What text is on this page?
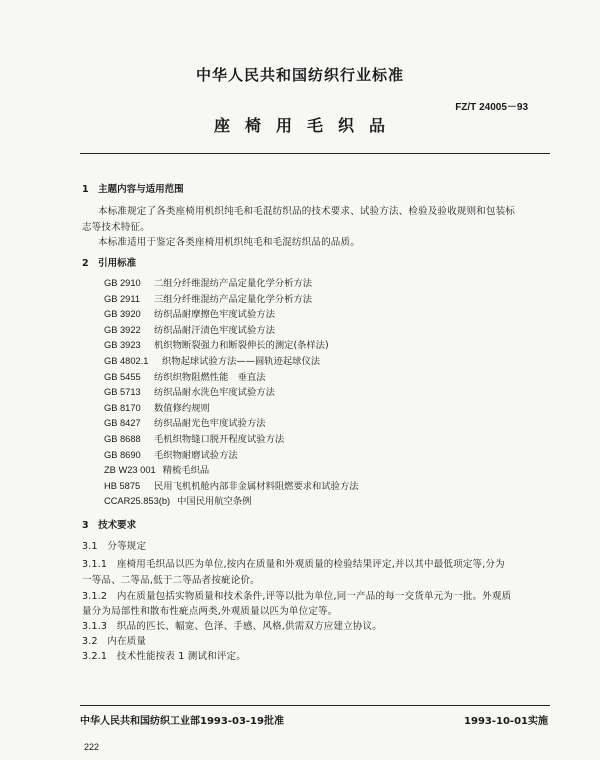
中华人民共和国纺织行业标准
FZ/T 24005－93
座椅用毛织品
1　主题内容与适用范围
本标准规定了各类座椅用机织纯毛和毛混纺织品的技术要求、试验方法、检验及验收规则和包装标
志等技术特征。
本标准适用于鉴定各类座椅用机织纯毛和毛混纺织品的品质。
2　引用标准
GB 2910 二组分纤维混纺产品定量化学分析方法
GB 2911 三组分纤维混纺产品定量化学分析方法
GB 3920 纺织品耐摩擦色牢度试验方法
GB 3922 纺织品耐汗渍色牢度试验方法
GB 3923 机织物断裂强力和断裂伸长的测定(条样法)
GB 4802.1 织物起球试验方法——圆轨迹起球仪法
GB 5455 纺织织物阻燃性能　垂直法
GB 5713 纺织品耐水洗色牢度试验方法
GB 8170 数值修约规则
GB 8427 纺织品耐光色牢度试验方法
GB 8688 毛机织物缝口脱开程度试验方法
GB 8690 毛织物耐磨试验方法
ZB W23 001 精梳毛织品
HB 5875 民用飞机机舱内部非金属材料阻燃要求和试验方法
CCAR25.853(b) 中国民用航空条例
3　技术要求
3.1　分等规定
3.1.1　座椅用毛织品以匹为单位,按内在质量和外观质量的检验结果评定,并以其中最低项定等,分为
一等品、二等品,低于二等品者按疵论价。
3.1.2　内在质量包括实物质量和技术条件,评等以批为单位,同一产品的每一交货单元为一批。外观质
量分为局部性和散布性疵点两类,外观质量以匹为单位定等。
3.1.3　织品的匹长、幅宽、色泽、手感、风格,供需双方应建立协议。
3.2　内在质量
3.2.1　技术性能按表 1 测试和评定。
中华人民共和国纺织工业部1993-03-19批准	1993-10-01实施
222
